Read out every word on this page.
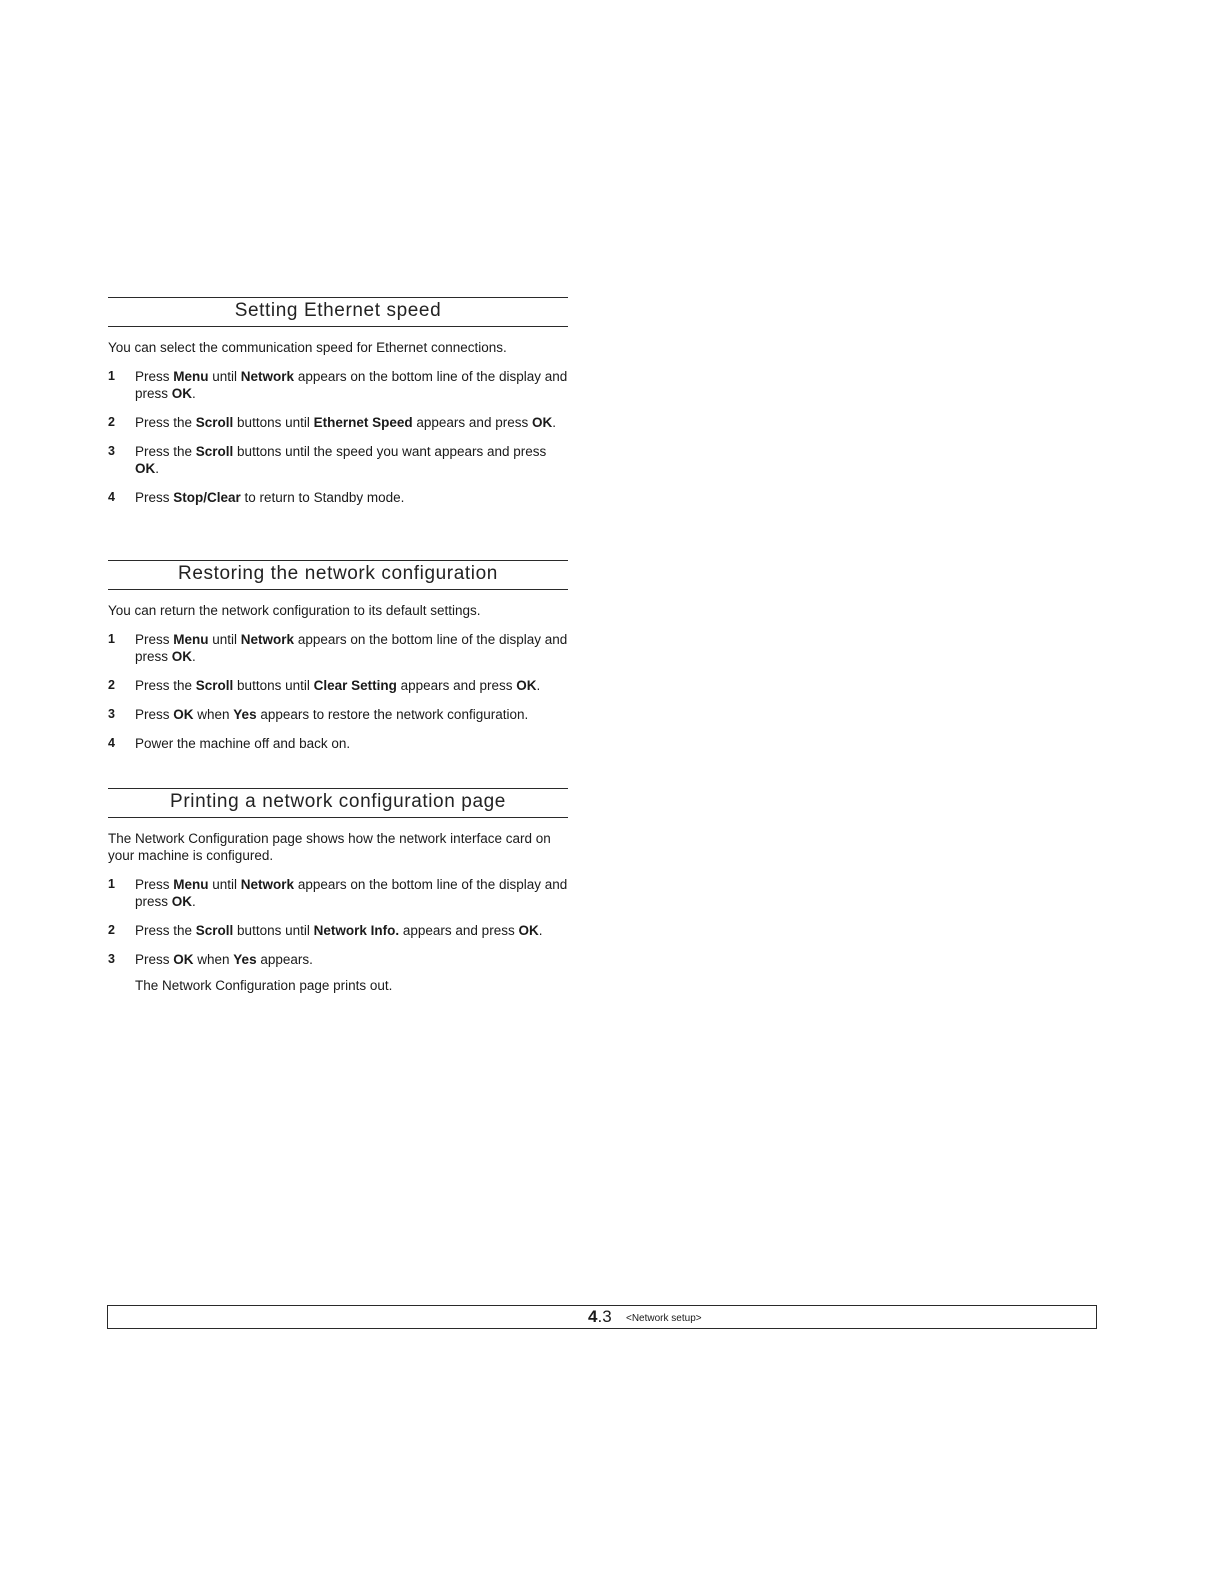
Setting Ethernet speed
You can select the communication speed for Ethernet connections.
1 Press Menu until Network appears on the bottom line of the display and press OK.
2 Press the Scroll buttons until Ethernet Speed appears and press OK.
3 Press the Scroll buttons until the speed you want appears and press OK.
4 Press Stop/Clear to return to Standby mode.
Restoring the network configuration
You can return the network configuration to its default settings.
1 Press Menu until Network appears on the bottom line of the display and press OK.
2 Press the Scroll buttons until Clear Setting appears and press OK.
3 Press OK when Yes appears to restore the network configuration.
4 Power the machine off and back on.
Printing a network configuration page
The Network Configuration page shows how the network interface card on your machine is configured.
1 Press Menu until Network appears on the bottom line of the display and press OK.
2 Press the Scroll buttons until Network Info. appears and press OK.
3 Press OK when Yes appears.
The Network Configuration page prints out.
4.3 <Network setup>
